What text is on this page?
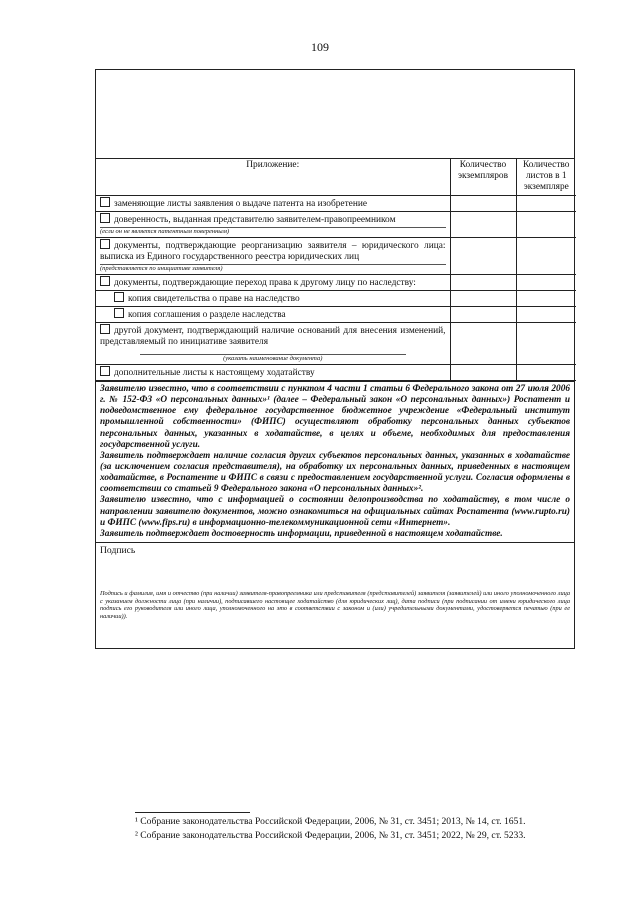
109
Приложение:	Количество экземпляров	Количество листов в 1 экземпляре
заменяющие листы заявления о выдаче патента на изобретение		
доверенность, выданная представителю заявителем-правопреемником
(если он не является патентным поверенным)		

документы, подтверждающие реорганизацию заявителя – юридического лица: выписка из Единого государственного реестра юридических лиц
(представляется по инициативе заявителя)		

документы, подтверждающие переход права к другому лицу по наследству:		
копия свидетельства о праве на наследство		
копия соглашения о разделе наследства		
другой документ, подтверждающий наличие оснований для внесения изменений, представляемый по инициативе заявителя
(указать наименование документа)		

дополнительные листы к настоящему ходатайству		

Заявителю известно, что в соответствии с пунктом 4 части 1 статьи 6 Федерального закона от 27 июля 2006 г. № 152-ФЗ «О персональных данных»¹ (далее – Федеральный закон «О персональных данных») Роспатент и подведомственное ему федеральное государственное бюджетное учреждение «Федеральный институт промышленной собственности» (ФИПС) осуществляют обработку персональных данных субъектов персональных данных, указанных в ходатайстве, в целях и объеме, необходимых для предоставления государственной услуги.

Заявитель подтверждает наличие согласия других субъектов персональных данных, указанных в ходатайстве (за исключением согласия представителя), на обработку их персональных данных, приведенных в настоящем ходатайстве, в Роспатенте и ФИПС в связи с предоставлением государственной услуги. Согласия оформлены в соответствии со статьей 9 Федерального закона «О персональных данных»².

Заявителю известно, что с информацией о состоянии делопроизводства по ходатайству, в том числе о направлении заявителю документов, можно ознакомиться на официальных сайтах Роспатента (www.rupto.ru) и ФИПС (www.fips.ru) в информационно-телекоммуникационной сети «Интернет».

Заявитель подтверждает достоверность информации, приведенной в настоящем ходатайстве.

Подпись
Подпись и фамилия, имя и отчество (при наличии) заявителя-правопреемника или представителя (представителей) заявителя (заявителей) или иного уполномоченного лица с указанием должности лица (при наличии), подписавшего настоящее ходатайство (для юридических лиц), дата подписи (при подписании от имени юридического лица подпись его руководителя или иного лица, уполномоченного на это в соответствии с законом и (или) учредительными документами, удостоверяется печатью (при ее наличии)).
¹ Собрание законодательства Российской Федерации, 2006, № 31, ст. 3451; 2013, № 14, ст. 1651.
² Собрание законодательства Российской Федерации, 2006, № 31, ст. 3451; 2022, № 29, ст. 5233.
